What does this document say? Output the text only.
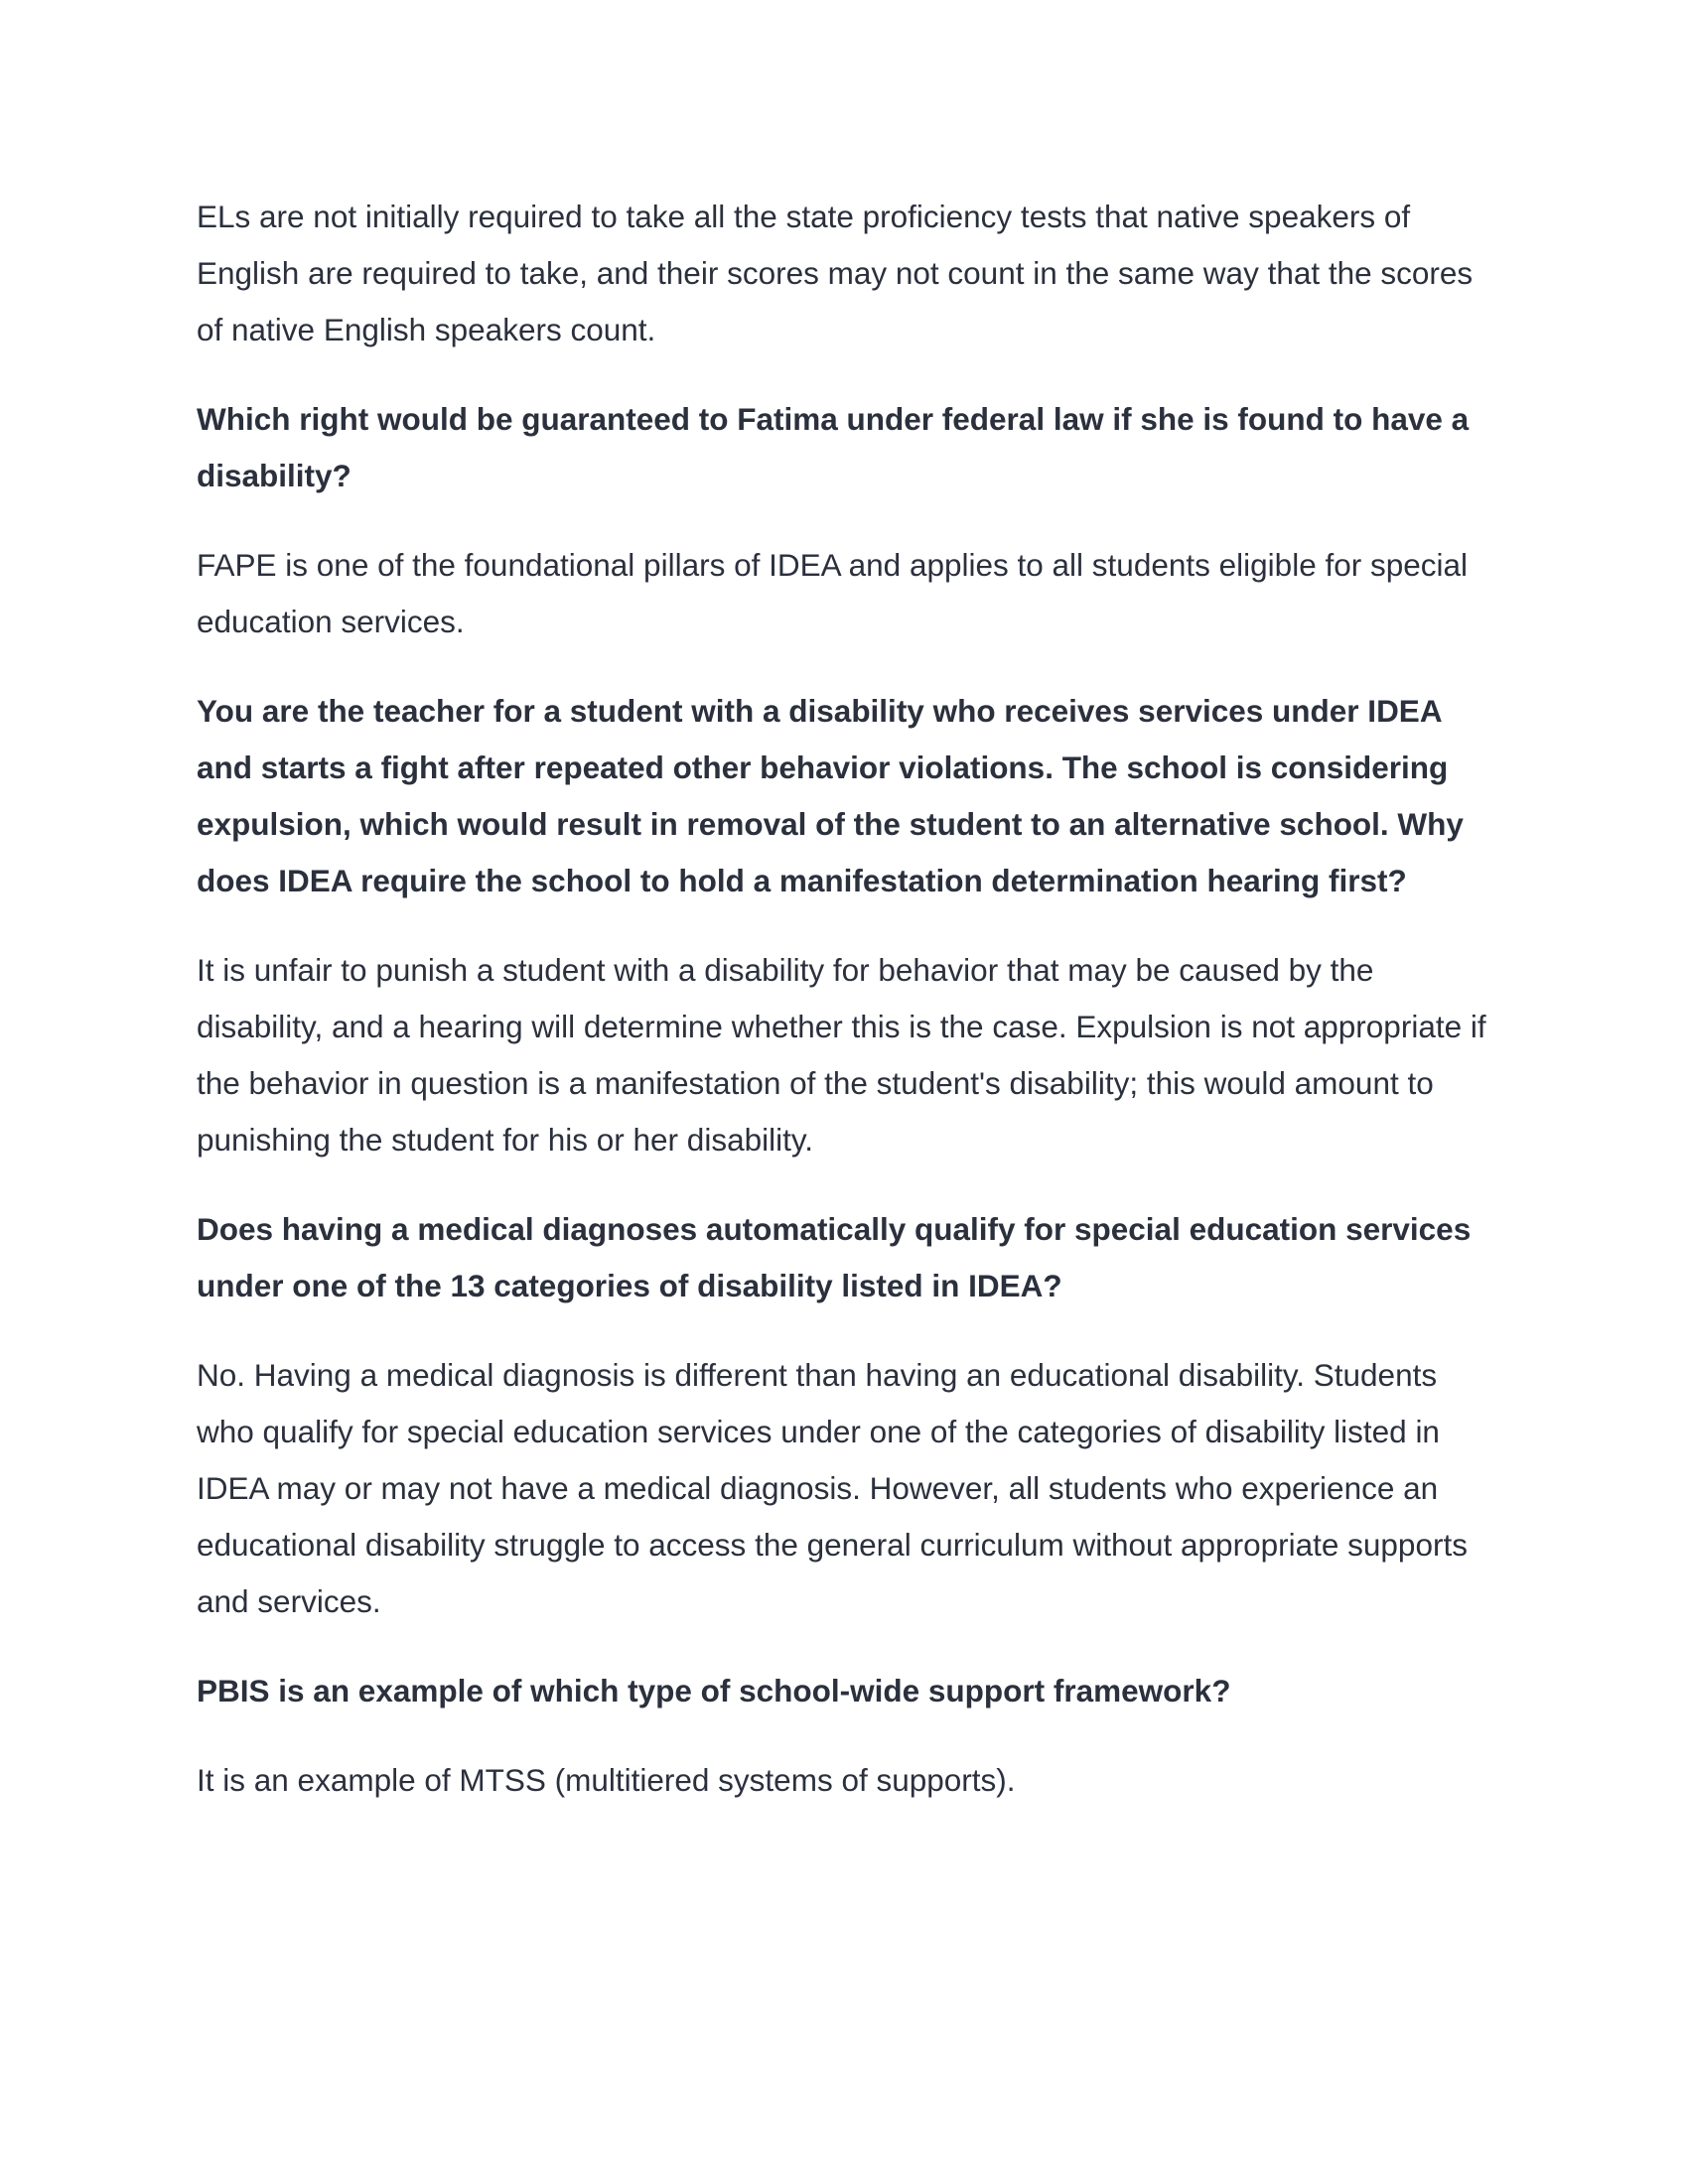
ELs are not initially required to take all the state proficiency tests that native speakers of English are required to take, and their scores may not count in the same way that the scores of native English speakers count.

Which right would be guaranteed to Fatima under federal law if she is found to have a disability?

FAPE is one of the foundational pillars of IDEA and applies to all students eligible for special education services.

You are the teacher for a student with a disability who receives services under IDEA and starts a fight after repeated other behavior violations. The school is considering expulsion, which would result in removal of the student to an alternative school. Why does IDEA require the school to hold a manifestation determination hearing first?

It is unfair to punish a student with a disability for behavior that may be caused by the disability, and a hearing will determine whether this is the case. Expulsion is not appropriate if the behavior in question is a manifestation of the student's disability; this would amount to punishing the student for his or her disability.

Does having a medical diagnoses automatically qualify for special education services under one of the 13 categories of disability listed in IDEA?

No. Having a medical diagnosis is different than having an educational disability. Students who qualify for special education services under one of the categories of disability listed in IDEA may or may not have a medical diagnosis. However, all students who experience an educational disability struggle to access the general curriculum without appropriate supports and services.

PBIS is an example of which type of school-wide support framework?

It is an example of MTSS (multitiered systems of supports).
